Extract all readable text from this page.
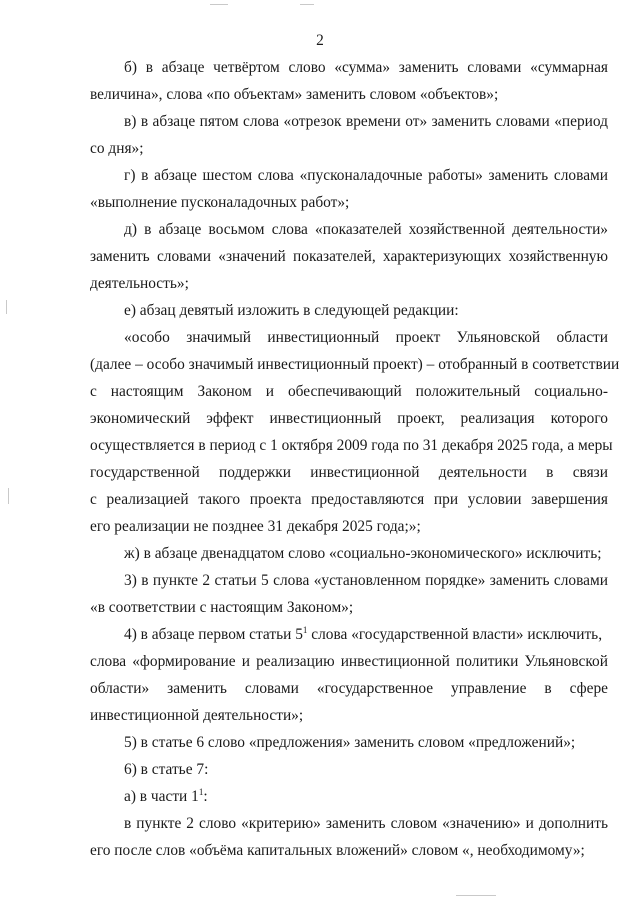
2
б) в абзаце четвёртом слово «сумма» заменить словами «суммарная
величина», слова «по объектам» заменить словом «объектов»;
в) в абзаце пятом слова «отрезок времени от» заменить словами «период
со дня»;
г) в абзаце шестом слова «пусконаладочные работы» заменить словами
«выполнение пусконаладочных работ»;
д) в абзаце восьмом слова «показателей хозяйственной деятельности»
заменить словами «значений показателей, характеризующих хозяйственную
деятельность»;
е) абзац девятый изложить в следующей редакции:
«особо значимый инвестиционный проект Ульяновской области
(далее – особо значимый инвестиционный проект) – отобранный в соответствии
с настоящим Законом и обеспечивающий положительный социально-
экономический эффект инвестиционный проект, реализация которого
осуществляется в период с 1 октября 2009 года по 31 декабря 2025 года, а меры
государственной поддержки инвестиционной деятельности в связи
с реализацией такого проекта предоставляются при условии завершения
его реализации не позднее 31 декабря 2025 года;»;
ж) в абзаце двенадцатом слово «социально-экономического» исключить;
3) в пункте 2 статьи 5 слова «установленном порядке» заменить словами
«в соответствии с настоящим Законом»;
4) в абзаце первом статьи $5^1$ слова «государственной власти» исключить,
слова «формирование и реализацию инвестиционной политики Ульяновской
области» заменить словами «государственное управление в сфере
инвестиционной деятельности»;
5) в статье 6 слово «предложения» заменить словом «предложений»;
6) в статье 7:
а) в части $1^1$:
в пункте 2 слово «критерию» заменить словом «значению» и дополнить
его после слов «объёма капитальных вложений» словом «, необходимому»;
